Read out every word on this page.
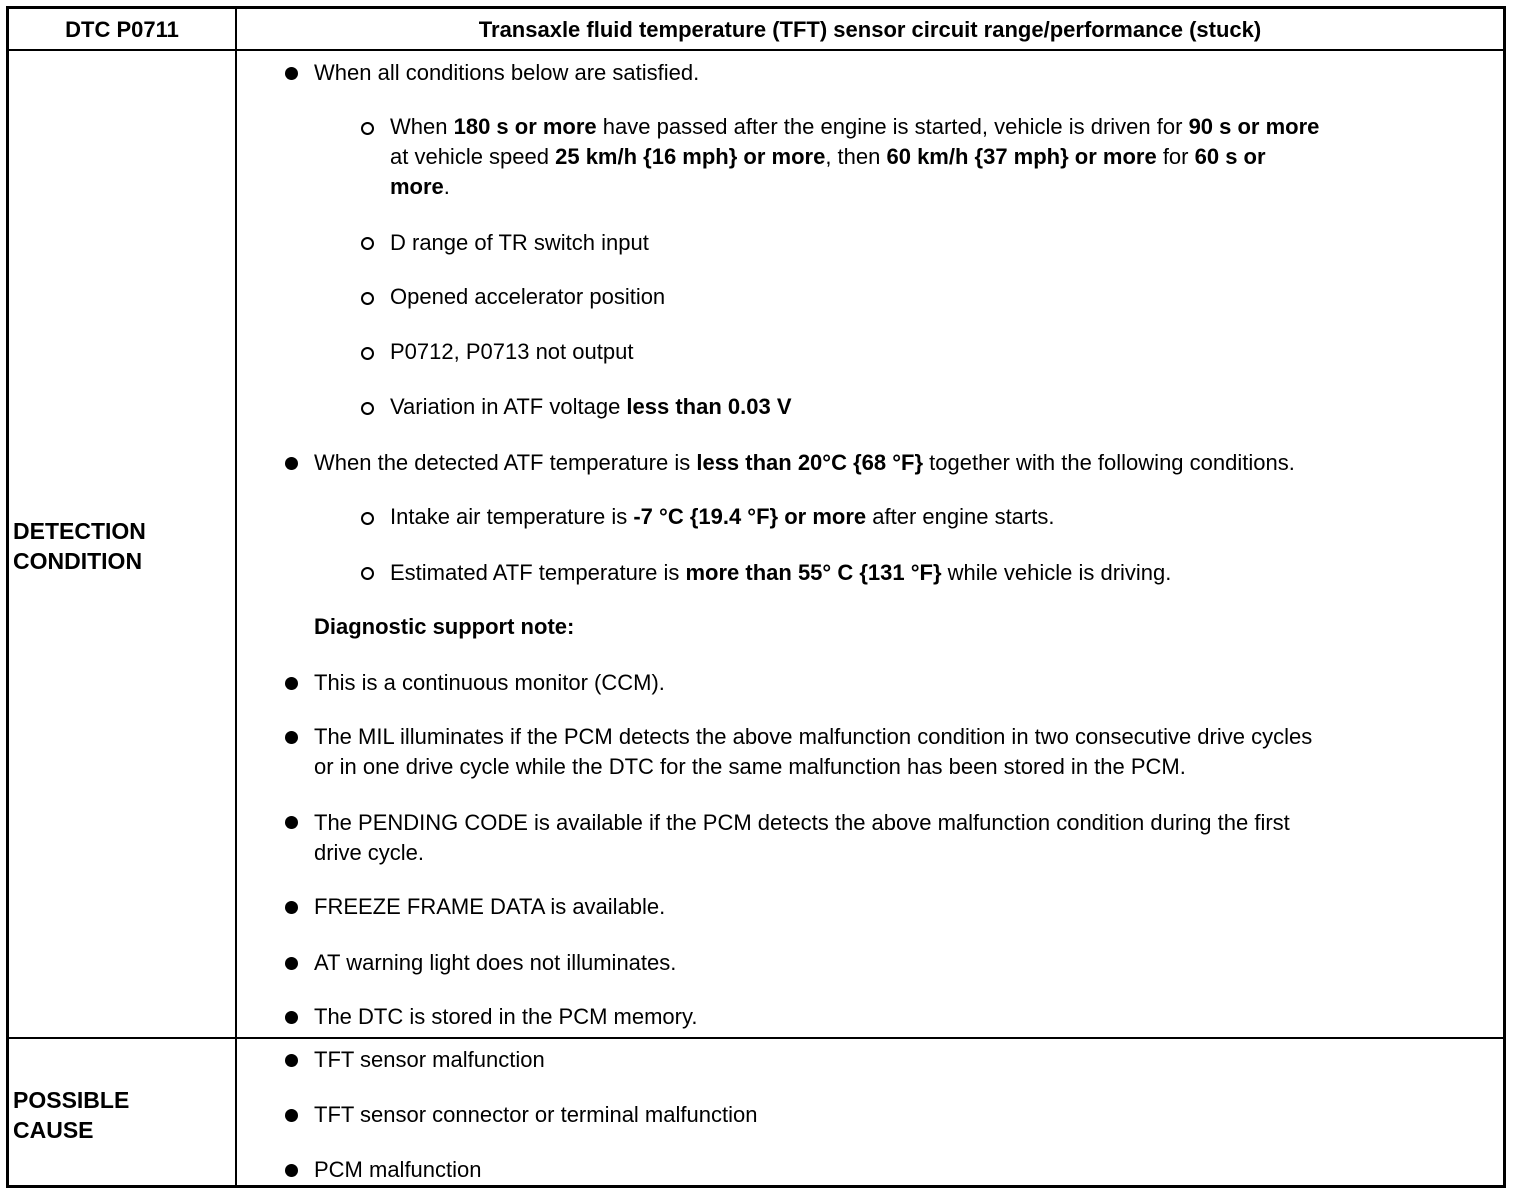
DTC P0711	Transaxle fluid temperature (TFT) sensor circuit range/performance (stuck)
DETECTION
CONDITION
When all conditions below are satisfied.
When 180 s or more have passed after the engine is started, vehicle is driven for 90 s or more
at vehicle speed 25 km/h {16 mph} or more, then 60 km/h {37 mph} or more for 60 s or
more.
D range of TR switch input
Opened accelerator position
P0712, P0713 not output
Variation in ATF voltage less than 0.03 V
When the detected ATF temperature is less than 20°C {68 °F} together with the following conditions.
Intake air temperature is -7 °C {19.4 °F} or more after engine starts.
Estimated ATF temperature is more than 55° C {131 °F} while vehicle is driving.
Diagnostic support note:
This is a continuous monitor (CCM).
The MIL illuminates if the PCM detects the above malfunction condition in two consecutive drive cycles
or in one drive cycle while the DTC for the same malfunction has been stored in the PCM.
The PENDING CODE is available if the PCM detects the above malfunction condition during the first
drive cycle.
FREEZE FRAME DATA is available.
AT warning light does not illuminates.
The DTC is stored in the PCM memory.
POSSIBLE
CAUSE
TFT sensor malfunction
TFT sensor connector or terminal malfunction
PCM malfunction
